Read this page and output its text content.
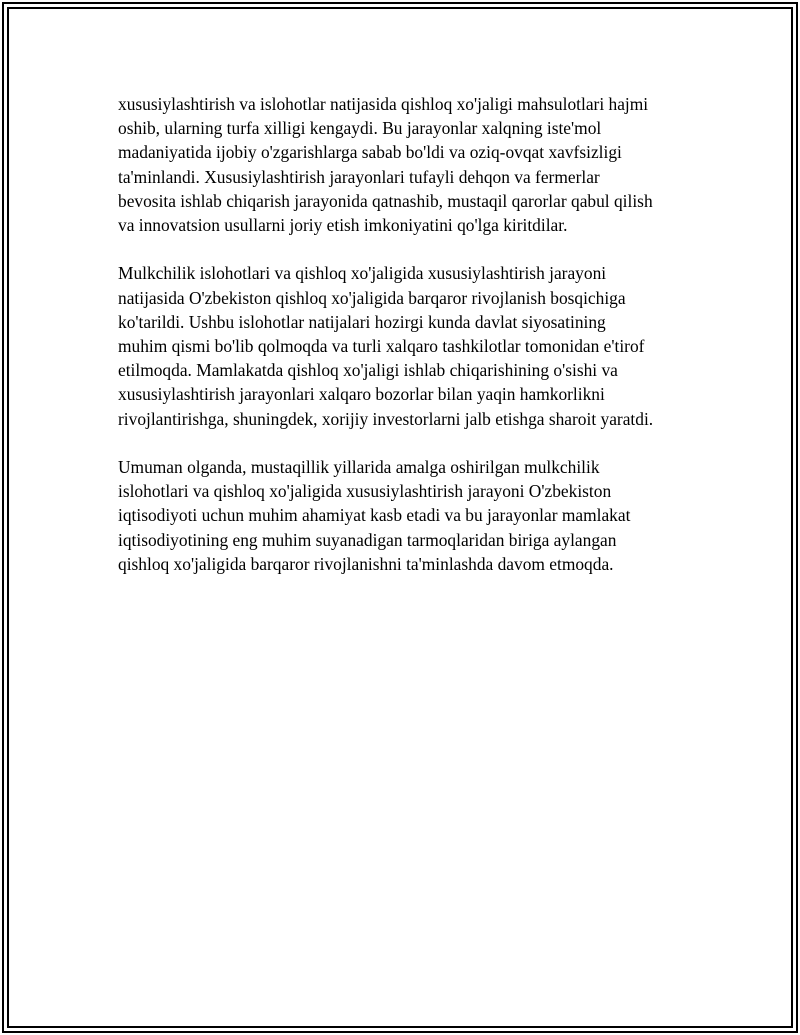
xususiylashtirish va islohotlar natijasida qishloq xo'jaligi mahsulotlari hajmi
oshib, ularning turfa xilligi kengaydi. Bu jarayonlar xalqning iste'mol
madaniyatida ijobiy o'zgarishlarga sabab bo'ldi va oziq-ovqat xavfsizligi
ta'minlandi. Xususiylashtirish jarayonlari tufayli dehqon va fermerlar
bevosita ishlab chiqarish jarayonida qatnashib, mustaqil qarorlar qabul qilish
va innovatsion usullarni joriy etish imkoniyatini qo'lga kiritdilar.

Mulkchilik islohotlari va qishloq xo'jaligida xususiylashtirish jarayoni
natijasida O'zbekiston qishloq xo'jaligida barqaror rivojlanish bosqichiga
ko'tarildi. Ushbu islohotlar natijalari hozirgi kunda davlat siyosatining
muhim qismi bo'lib qolmoqda va turli xalqaro tashkilotlar tomonidan e'tirof
etilmoqda. Mamlakatda qishloq xo'jaligi ishlab chiqarishining o'sishi va
xususiylashtirish jarayonlari xalqaro bozorlar bilan yaqin hamkorlikni
rivojlantirishga, shuningdek, xorijiy investorlarni jalb etishga sharoit yaratdi.

Umuman olganda, mustaqillik yillarida amalga oshirilgan mulkchilik
islohotlari va qishloq xo'jaligida xususiylashtirish jarayoni O'zbekiston
iqtisodiyoti uchun muhim ahamiyat kasb etadi va bu jarayonlar mamlakat
iqtisodiyotining eng muhim suyanadigan tarmoqlaridan biriga aylangan
qishloq xo'jaligida barqaror rivojlanishni ta'minlashda davom etmoqda.
